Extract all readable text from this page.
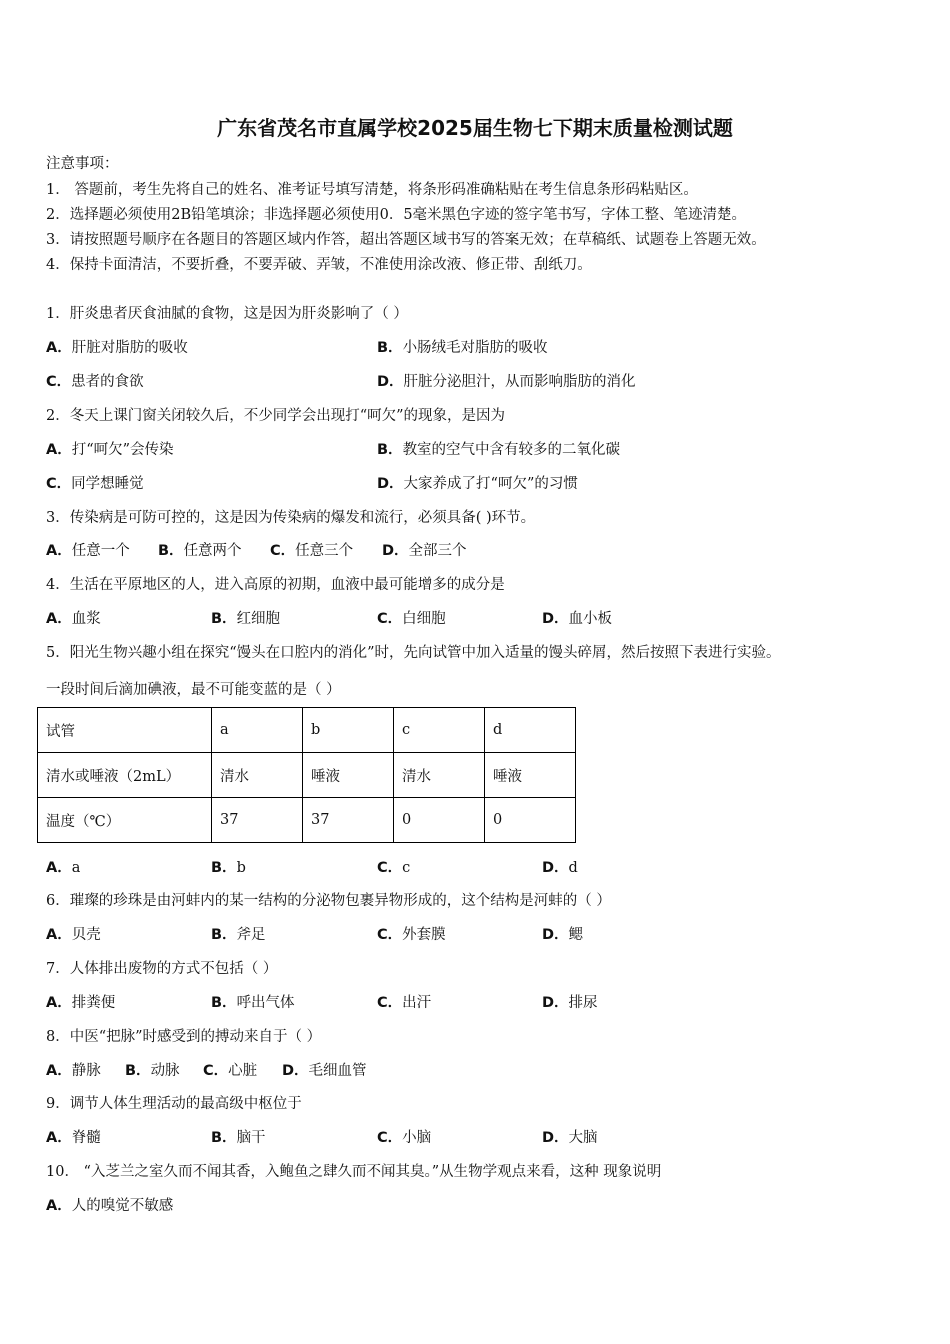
广东省茂名市直属学校2025届生物七下期末质量检测试题
注意事项：
1． 答题前，考生先将自己的姓名、准考证号填写清楚，将条形码准确粘贴在考生信息条形码粘贴区。
2．选择题必须使用2B铅笔填涂；非选择题必须使用0．5毫米黑色字迹的签字笔书写，字体工整、笔迹清楚。
3．请按照题号顺序在各题目的答题区域内作答，超出答题区域书写的答案无效；在草稿纸、试题卷上答题无效。
4．保持卡面清洁，不要折叠，不要弄破、弄皱，不准使用涂改液、修正带、刮纸刀。
1．肝炎患者厌食油腻的食物，这是因为肝炎影响了（ ）
A．肝脏对脂肪的吸收	B．小肠绒毛对脂肪的吸收
C．患者的食欲	D．肝脏分泌胆汁，从而影响脂肪的消化
2．冬天上课门窗关闭较久后，不少同学会出现打“呵欠”的现象，是因为
A．打“呵欠”会传染	B．教室的空气中含有较多的二氧化碳
C．同学想睡觉	D．大家养成了打“呵欠”的习惯
3．传染病是可防可控的，这是因为传染病的爆发和流行，必须具备( )环节。
A．任意一个 B．任意两个 C．任意三个 D．全部三个
4．生活在平原地区的人，进入高原的初期，血液中最可能增多的成分是
A．血浆	B．红细胞	C．白细胞	D．血小板
5．阳光生物兴趣小组在探究“馒头在口腔内的消化”时，先向试管中加入适量的馒头碎屑，然后按照下表进行实验。
一段时间后滴加碘液，最不可能变蓝的是（ ）
试管	a	b	c	d
清水或唾液（2mL）	清水	唾液	清水	唾液
温度（℃）	37	37	0	0
A．a	B．b	C．c	D．d
6．璀璨的珍珠是由河蚌内的某一结构的分泌物包裹异物形成的，这个结构是河蚌的（ ）
A．贝壳	B．斧足	C．外套膜	D．鳃
7．人体排出废物的方式不包括（ ）
A．排粪便	B．呼出气体	C．出汗	D．排尿
8．中医“把脉”时感受到的搏动来自于（ ）
A．静脉 B．动脉 C．心脏 D．毛细血管
9．调节人体生理活动的最高级中枢位于
A．脊髓	B．脑干	C．小脑	D．大脑
10． “入芝兰之室久而不闻其香，入鲍鱼之肆久而不闻其臭。”从生物学观点来看，这种 现象说明
A．人的嗅觉不敏感
